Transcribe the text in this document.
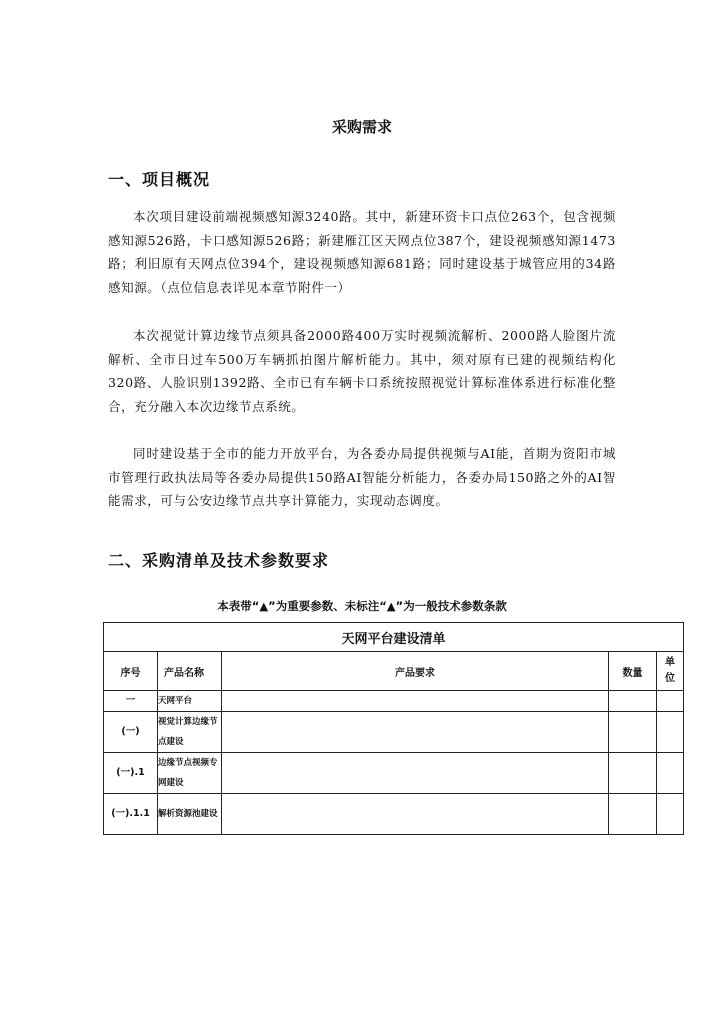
采购需求
一、项目概况

本次项目建设前端视频感知源3240路。其中，新建环资卡口点位263个，包含视频感知源526路，卡口感知源526路；新建雁江区天网点位387个，建设视频感知源1473路；利旧原有天网点位394个，建设视频感知源681路；同时建设基于城管应用的34路感知源。（点位信息表详见本章节附件一）

本次视觉计算边缘节点须具备2000路400万实时视频流解析、2000路人脸图片流解析、全市日过车500万车辆抓拍图片解析能力。其中，须对原有已建的视频结构化320路、人脸识别1392路、全市已有车辆卡口系统按照视觉计算标准体系进行标准化整合，充分融入本次边缘节点系统。

同时建设基于全市的能力开放平台，为各委办局提供视频与AI能，首期为资阳市城市管理行政执法局等各委办局提供150路AI智能分析能力，各委办局150路之外的AI智能需求，可与公安边缘节点共享计算能力，实现动态调度。

二、采购清单及技术参数要求
本表带“▲”为重要参数、未标注“▲”为一般技术参数条款
天网平台建设清单				
序号	产品名称	产品要求	数量	单
位
一	天网平台			
(一)	视觉计算边缘节点建设			
(一).1	边缘节点视频专网建设			
(一).1.1	解析资源池建设			
